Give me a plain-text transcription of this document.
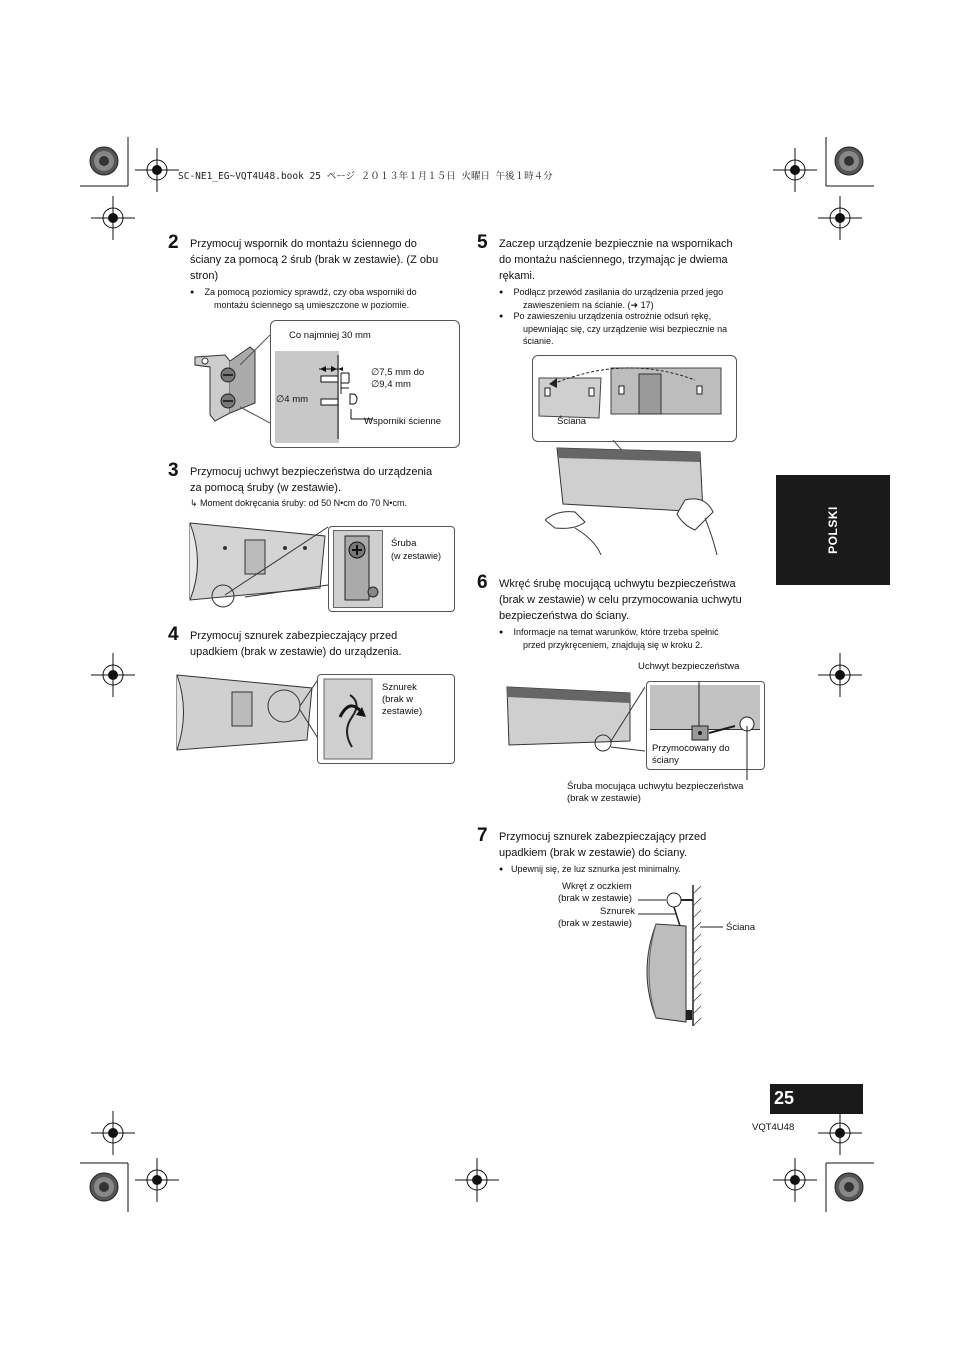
SC-NE1_EG~VQT4U48.book 25 ページ ２０１３年１月１５日 火曜日 午後１時４分
POLSKI
2 Przymocuj wspornik do montażu ściennego do
ściany za pomocą 2 śrub (brak w zestawie). (Z obu
stron)
● Za pomocą poziomicy sprawdź, czy oba wsporniki do
montażu ściennego są umieszczone w poziomie.
Co najmniej 30 mm
∅7,5 mm do
∅9,4 mm
∅4 mm
Wsporniki ścienne
3 Przymocuj uchwyt bezpieczeństwa do urządzenia
za pomocą śruby (w zestawie).
↳ Moment dokręcania śruby: od 50 N•cm do 70 N•cm.
Śruba
(w zestawie)
4 Przymocuj sznurek zabezpieczający przed
upadkiem (brak w zestawie) do urządzenia.
Sznurek
(brak w
zestawie)
5 Zaczep urządzenie bezpiecznie na wspornikach
do montażu naściennego, trzymając je dwiema
rękami.
● Podłącz przewód zasilania do urządzenia przed jego
zawieszeniem na ścianie. (➜ 17)
● Po zawieszeniu urządzenia ostrożnie odsuń rękę,
upewniając się, czy urządzenie wisi bezpiecznie na
ścianie.
Ściana
6 Wkręć śrubę mocującą uchwytu bezpieczeństwa
(brak w zestawie) w celu przymocowania uchwytu
bezpieczeństwa do ściany.
● Informacje na temat warunków, które trzeba spełnić
przed przykręceniem, znajdują się w kroku 2.
Uchwyt bezpieczeństwa
Przymocowany do
ściany
Śruba mocująca uchwytu bezpieczeństwa
(brak w zestawie)
7 Przymocuj sznurek zabezpieczający przed
upadkiem (brak w zestawie) do ściany.
● Upewnij się, że luz sznurka jest minimalny.
Wkręt z oczkiem
(brak w zestawie)
Sznurek
(brak w zestawie)	Ściana
25
VQT4U48
